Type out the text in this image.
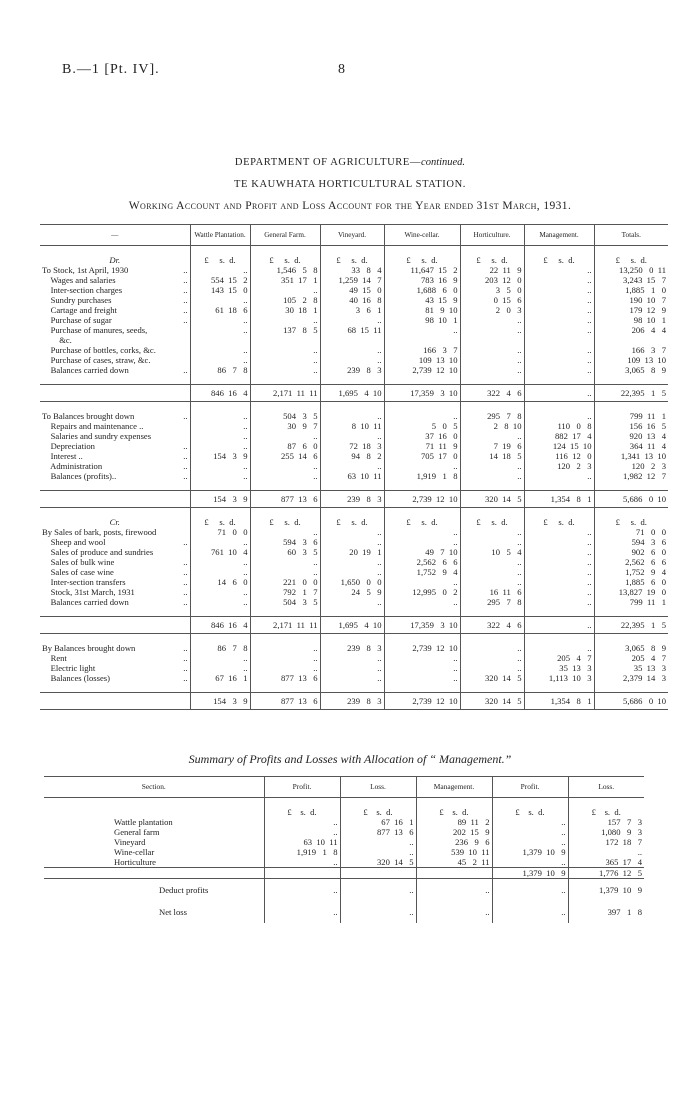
B.—1 [Pt. IV].	8
DEPARTMENT OF AGRICULTURE—continued.
TE KAUWHATA HORTICULTURAL STATION.
Working Account and Profit and Loss Account for the Year ended 31st March, 1931.
—	Wattle Plantation.	General Farm.	Vineyard.	Wine-cellar.	Horticulture.	Management.	Totals.

Dr.	£     s.  d.	£     s.  d.	£     s.  d.	£     s.  d.	£     s.  d.	£     s.  d.	£     s.  d.

To Stock, 1st April, 1930 ..	..	1,546   5   8	33   8   4	11,647  15   2	22  11   9	..	13,250   0  11

Wages and salaries ..	554  15   2	351  17   1	1,259  14   7	783  16   9	203  12   0	..	3,243  15   7

Inter-section charges ..	143  15   0	..	49  15   0	1,688   6   0	3   5   0	..	1,885   1   0

Sundry purchases ..	..	105   2   8	40  16   8	43  15   9	0  15   6	..	190  10   7

Cartage and freight ..	61  18   6	30  18   1	3   6   1	81   9  10	2   0   3	..	179  12   9

Purchase of sugar ..	..	..	..	98  10   1	..	..	98  10   1

Purchase of manures, seeds,	..	137   8   5	68  15  11	..	..	..	206   4   4

&c.							

Purchase of bottles, corks, &c.	..	..	..	166   3   7	..	..	166   3   7

Purchase of cases, straw, &c.	..	..	..	109  13  10	..	..	109  13  10

Balances carried down ..	86   7   8	..	239   8   3	2,739  12  10	..	..	3,065   8   9

	846  16   4	2,171  11  11	1,695   4  10	17,359   3  10	322   4   6	..	22,395   1   5

To Balances brought down ..	..	504   3   5	..	..	295   7   8	..	799  11   1

Repairs and maintenance ..	..	30   9   7	8  10  11	5   0   5	2   8  10	110   0   8	156  16   5

Salaries and sundry expenses	..	..	..	37  16   0	..	882  17   4	920  13   4

Depreciation ..	..	87   6   0	72  18   3	71  11   9	7  19   6	124  15  10	364  11   4

Interest .. ..	154   3   9	255  14   6	94   8   2	705  17   0	14  18   5	116  12   0	1,341  13  10

Administration ..	..	..	..	..	..	120   2   3	120   2   3

Balances (profits).. ..	..	..	63  10  11	1,919   1   8	..	..	1,982  12   7

	154   3   9	877  13   6	239   8   3	2,739  12  10	320  14   5	1,354   8   1	5,686   0  10

Cr.	£     s.  d.	£     s.  d.	£     s.  d.	£     s.  d.	£     s.  d.	£     s.  d.	£     s.  d.

By Sales of bark, posts, firewood	71   0   0	..	..	..	..	..	71   0   0

Sheep and wool ..	..	594   3   6	..	..	..	..	594   3   6

Sales of produce and sundries	761  10   4	60   3   5	20  19   1	49   7  10	10   5   4	..	902   6   0

Sales of bulk wine ..	..	..	..	2,562   6   6	..	..	2,562   6   6

Sales of case wine ..	..	..	..	1,752   9   4	..	..	1,752   9   4

Inter-section transfers ..	14   6   0	221   0   0	1,650   0   0	..	..	..	1,885   6   0

Stock, 31st March, 1931 ..	..	792   1   7	24   5   9	12,995   0   2	16  11   6	..	13,827  19   0

Balances carried down ..	..	504   3   5	..	..	295   7   8	..	799  11   1

	846  16   4	2,171  11  11	1,695   4  10	17,359   3  10	322   4   6	..	22,395   1   5

By Balances brought down ..	86   7   8	..	239   8   3	2,739  12  10	..	..	3,065   8   9

Rent ..	..	..	..	..	..	205   4   7	205   4   7

Electric light ..	..	..	..	..	..	35  13   3	35  13   3

Balances (losses) ..	67  16   1	877  13   6	..	..	320  14   5	1,113  10   3	2,379  14   3

	154   3   9	877  13   6	239   8   3	2,739  12  10	320  14   5	1,354   8   1	5,686   0  10
Summary of Profits and Losses with Allocation of “ Management.”
Section.	Profit.	Loss.	Management.	Profit.	Loss.

	£    s.  d.	£    s.  d.	£    s.  d.	£    s.  d.	£    s.  d.
Wattle plantation	..	67  16   1	89  11   2	..	157   7   3
General farm	..	877  13   6	202  15   9	..	1,080   9   3
Vineyard	63  10  11	..	236   9   6	..	172  18   7
Wine-cellar	1,919   1   8	..	539  10  11	1,379  10   9	..
Horticulture	..	320  14   5	45   2  11	..	365  17   4
				1,379  10   9	1,776  12   5
Deduct profits	..	..	..	..	1,379  10   9
Net loss	..	..	..	..	397   1   8
